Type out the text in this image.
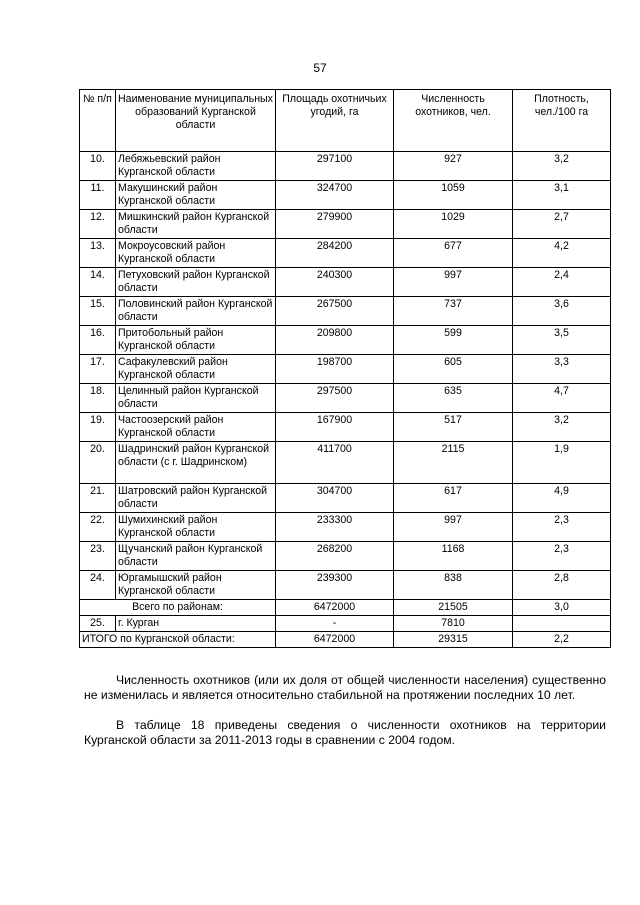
57
№ п/п	Наименование муниципальных образований Курганской области	Площадь охотничьих угодий, га	Численность охотников, чел.	Плотность, чел./100 га
10.	Лебяжьевский район Курганской области	297100	927	3,2
11.	Макушинский район Курганской области	324700	1059	3,1
12.	Мишкинский район Курганской области	279900	1029	2,7
13.	Мокроусовский район Курганской области	284200	677	4,2
14.	Петуховский район Курганской области	240300	997	2,4
15.	Половинский район Курганской области	267500	737	3,6
16.	Притобольный район Курганской области	209800	599	3,5
17.	Сафакулевский район Курганской области	198700	605	3,3
18.	Целинный район Курганской области	297500	635	4,7
19.	Частоозерский район Курганской области	167900	517	3,2
20.	Шадринский район Курганской области (с г. Шадринском)	411700	2115	1,9
21.	Шатровский район Курганской области	304700	617	4,9
22.	Шумихинский район Курганской области	233300	997	2,3
23.	Щучанский район Курганской области	268200	1168	2,3
24.	Юргамышский район Курганской области	239300	838	2,8
Всего по районам:		6472000	21505	3,0
25.	г. Курган	-	7810	
ИТОГО по Курганской области:		6472000	29315	2,2
Численность охотников (или их доля от общей численности населения) существенно не изменилась и является относительно стабильной на протяжении последних 10 лет.
В таблице 18 приведены сведения о численности охотников на территории Курганской области за 2011-2013 годы в сравнении с 2004 годом.
